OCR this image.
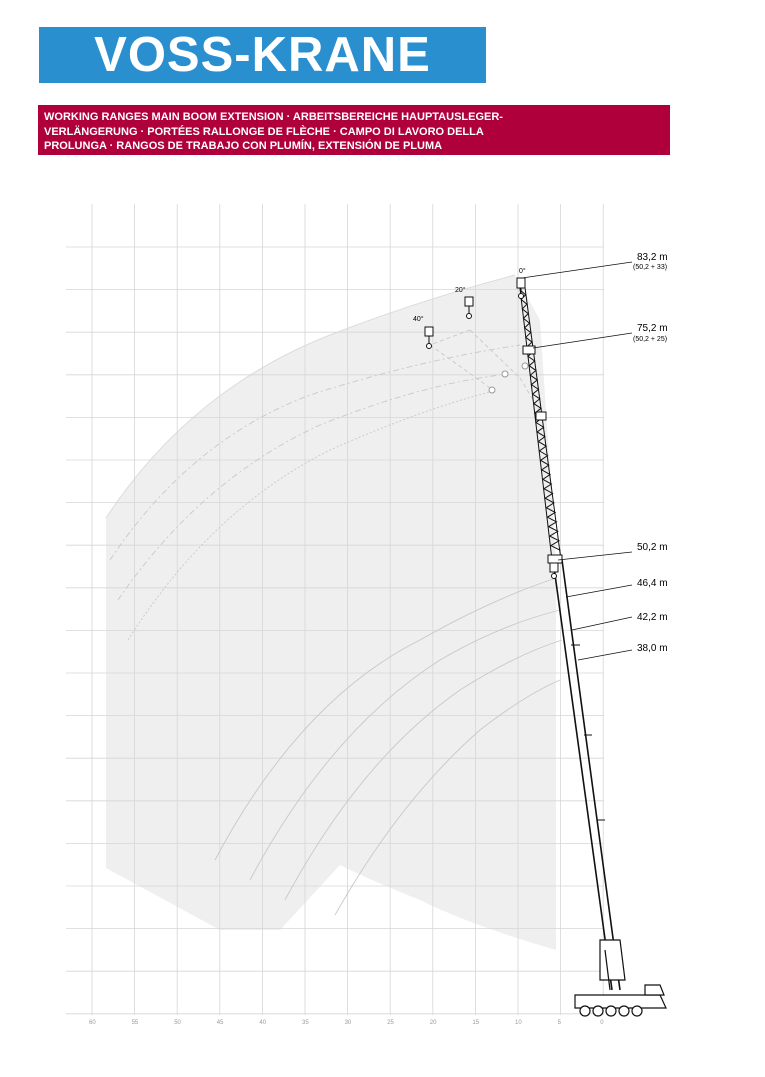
VOSS-KRANE
WORKING RANGES MAIN BOOM EXTENSION · ARBEITSBEREICHE HAUPTAUSLEGER-
VERLÄNGERUNG · PORTÉES RALLONGE DE FLÈCHE · CAMPO DI LAVORO DELLA
PROLUNGA · RANGOS DE TRABAJO CON PLUMÍN, EXTENSIÓN DE PLUMA
83,2 m
(50,2 + 33)
75,2 m
(50,2 + 25)
50,2 m
46,4 m
42,2 m
38,0 m
0°
20°
40°
60	55	50	45	40	35	30	25	20	15	10	5	0
